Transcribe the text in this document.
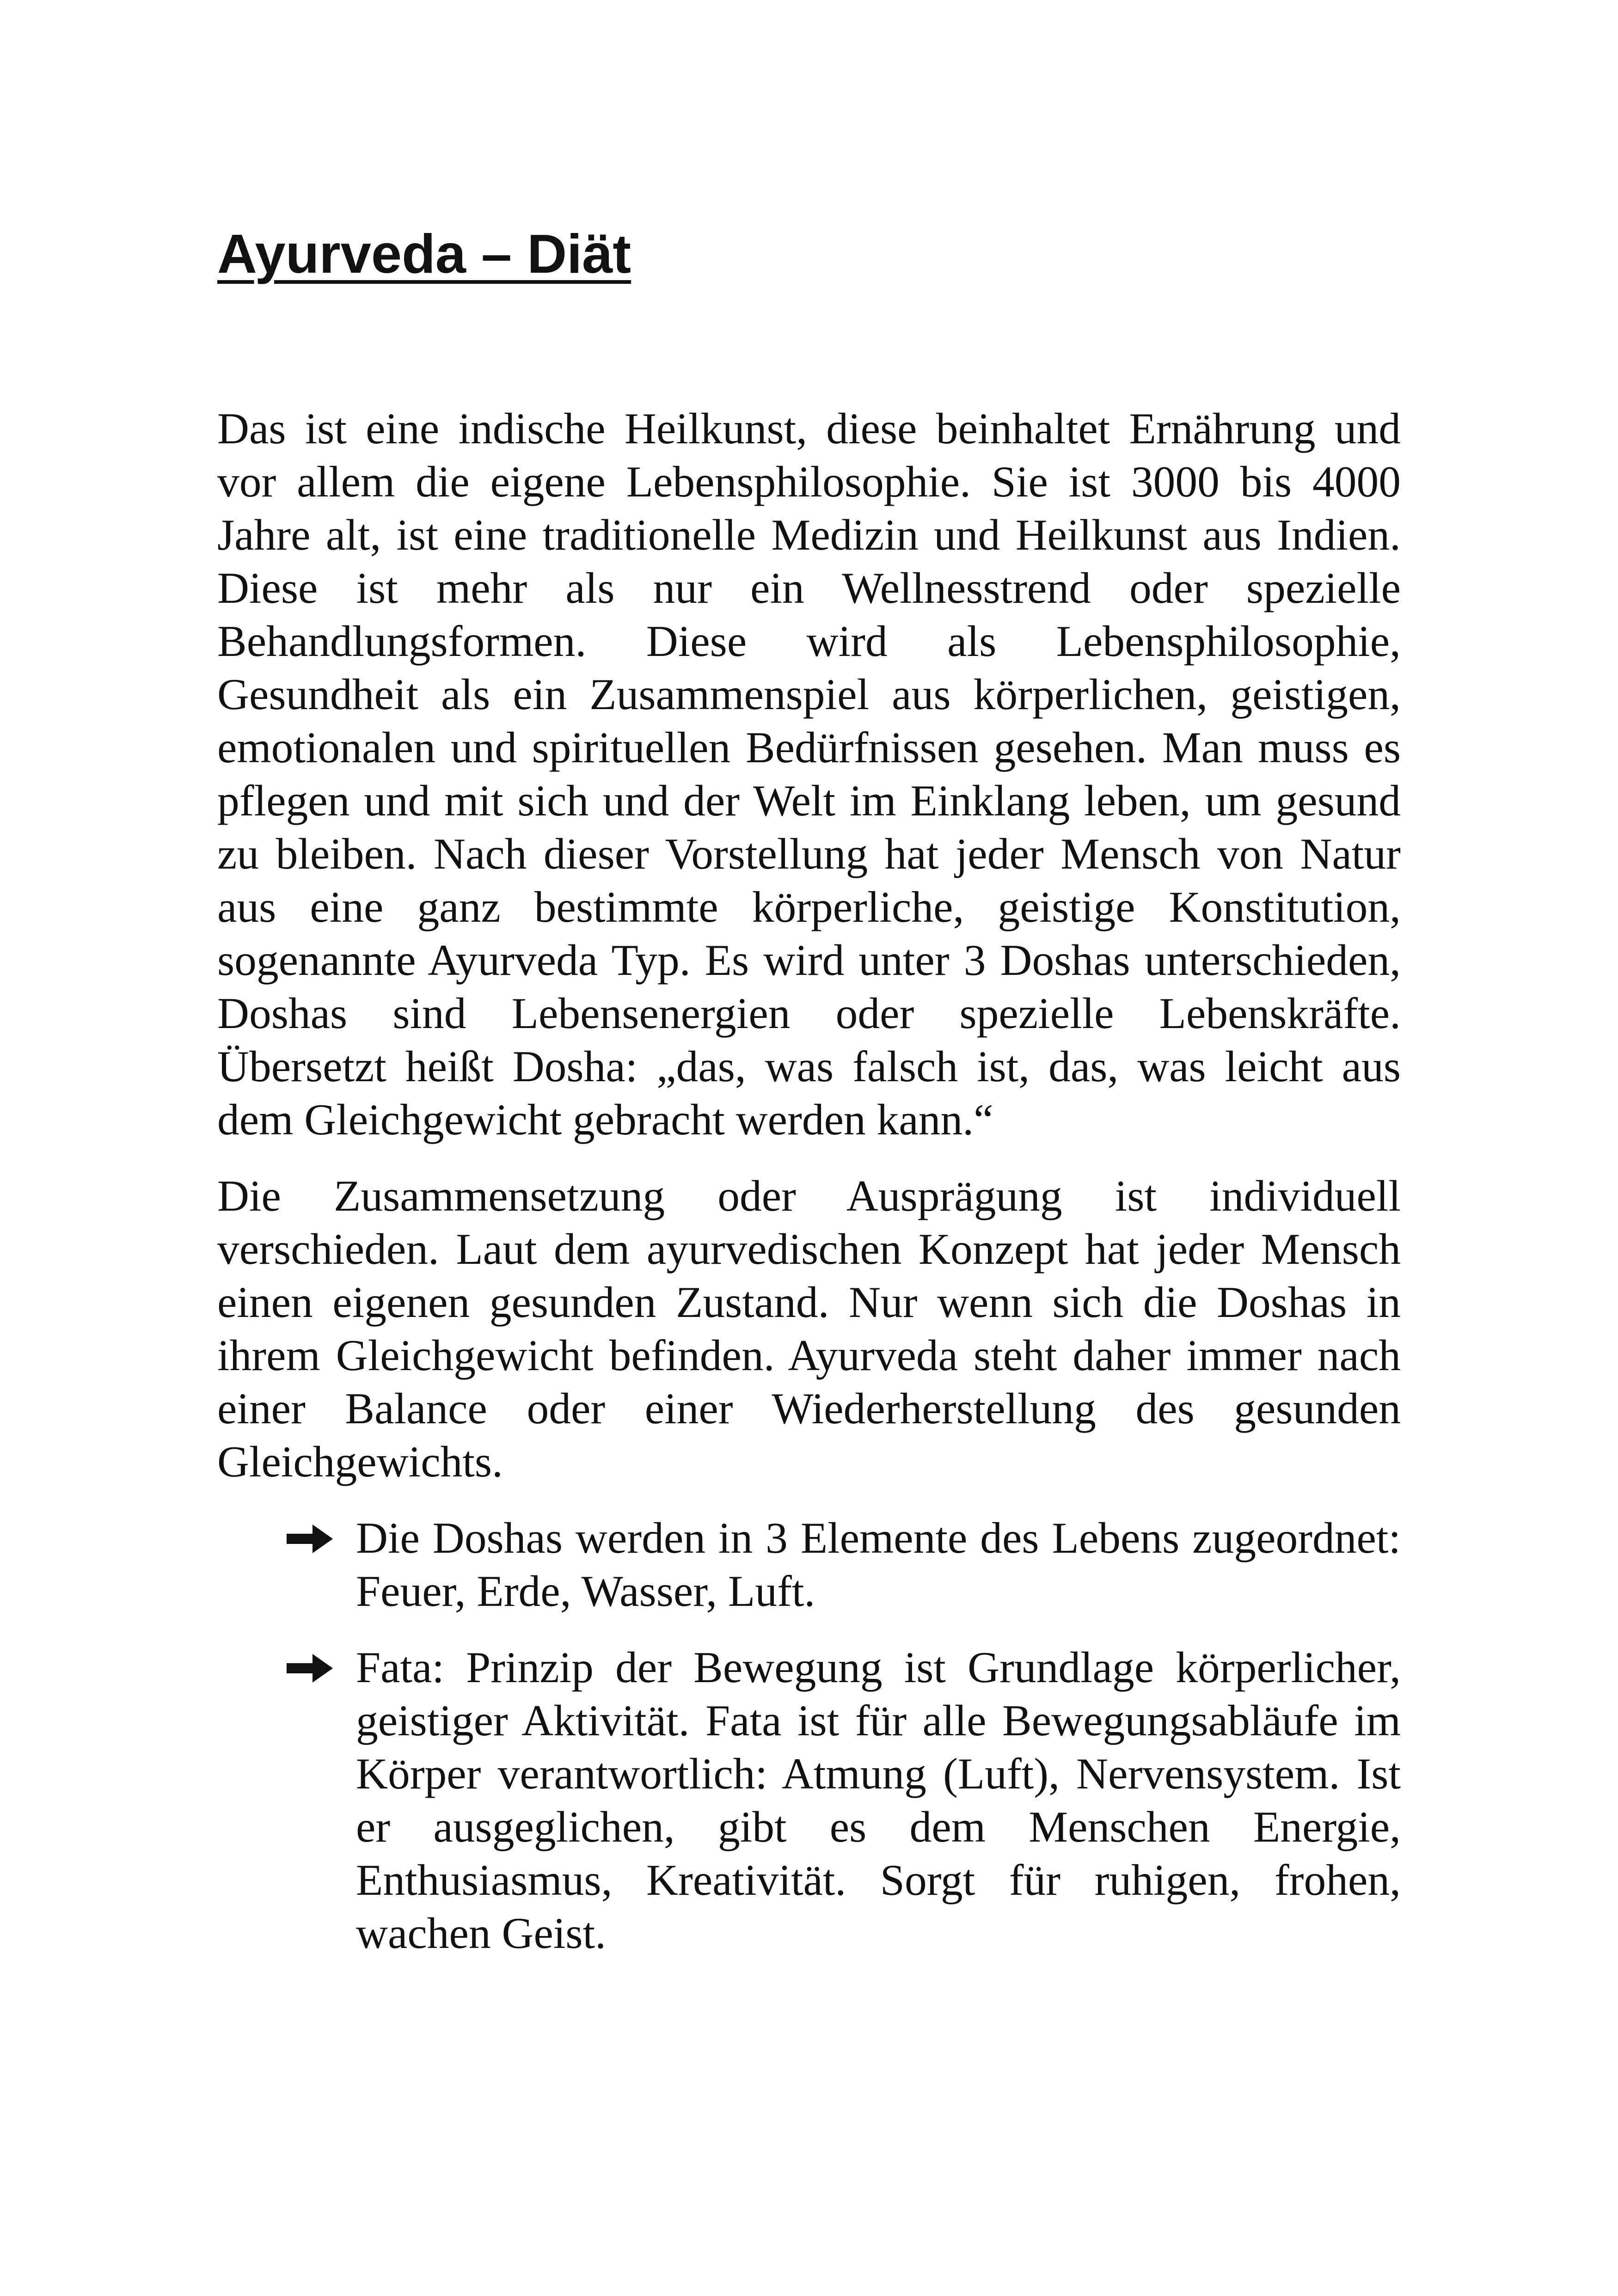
Ayurveda – Diät

Das ist eine indische Heilkunst, diese beinhaltet Ernährung und vor allem die eigene Lebensphilosophie. Sie ist 3000 bis 4000 Jahre alt, ist eine traditionelle Medizin und Heilkunst aus Indien. Diese ist mehr als nur ein Wellnesstrend oder spezielle Behandlungsformen. Diese wird als Lebensphilosophie, Gesundheit als ein Zusammenspiel aus körperlichen, geistigen, emotionalen und spirituellen Bedürfnissen gesehen. Man muss es pflegen und mit sich und der Welt im Einklang leben, um gesund zu bleiben. Nach dieser Vorstellung hat jeder Mensch von Natur aus eine ganz bestimmte körperliche, geistige Konstitution, sogenannte Ayurveda Typ. Es wird unter 3 Doshas unterschieden, Doshas sind Lebensenergien oder spezielle Lebenskräfte. Übersetzt heißt Dosha: „das, was falsch ist, das, was leicht aus dem Gleichgewicht gebracht werden kann.“

Die Zusammensetzung oder Ausprägung ist individuell verschieden. Laut dem ayurvedischen Konzept hat jeder Mensch einen eigenen gesunden Zustand. Nur wenn sich die Doshas in ihrem Gleichgewicht befinden. Ayurveda steht daher immer nach einer Balance oder einer Wiederherstellung des gesunden Gleichgewichts.

Die Doshas werden in 3 Elemente des Lebens zugeordnet: Feuer, Erde, Wasser, Luft.
Fata: Prinzip der Bewegung ist Grundlage körperlicher, geistiger Aktivität. Fata ist für alle Bewegungsabläufe im Körper verantwortlich: Atmung (Luft), Nervensystem. Ist er ausgeglichen, gibt es dem Menschen Energie, Enthusiasmus, Kreativität. Sorgt für ruhigen, frohen, wachen Geist.
